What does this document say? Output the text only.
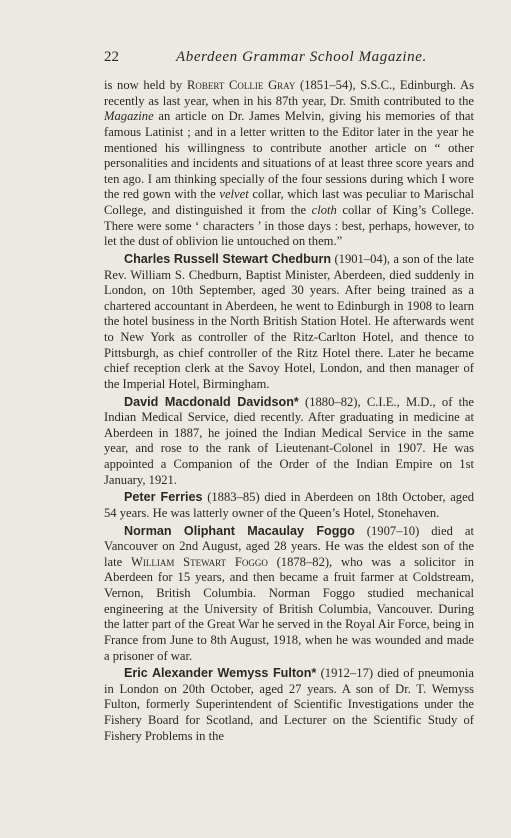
22	Aberdeen Grammar School Magazine.

is now held by Robert Collie Gray (1851–54), S.S.C., Edinburgh. As recently as last year, when in his 87th year, Dr. Smith contributed to the Magazine an article on Dr. James Melvin, giving his memories of that famous Latinist ; and in a letter written to the Editor later in the year he mentioned his willingness to contribute another article on “ other personalities and incidents and situations of at least three score years and ten ago. I am thinking specially of the four sessions during which I wore the red gown with the velvet collar, which last was peculiar to Marischal College, and distinguished it from the cloth collar of King’s College. There were some ‘ characters ’ in those days : best, perhaps, however, to let the dust of oblivion lie untouched on them.”

Charles Russell Stewart Chedburn (1901–04), a son of the late Rev. William S. Chedburn, Baptist Minister, Aberdeen, died suddenly in London, on 10th September, aged 30 years. After being trained as a chartered accountant in Aberdeen, he went to Edinburgh in 1908 to learn the hotel business in the North British Station Hotel. He afterwards went to New York as controller of the Ritz-Carlton Hotel, and thence to Pittsburgh, as chief controller of the Ritz Hotel there. Later he became chief reception clerk at the Savoy Hotel, London, and then manager of the Imperial Hotel, Birmingham.

David Macdonald Davidson* (1880–82), C.I.E., M.D., of the Indian Medical Service, died recently. After graduating in medicine at Aberdeen in 1887, he joined the Indian Medical Service in the same year, and rose to the rank of Lieutenant-Colonel in 1907. He was appointed a Companion of the Order of the Indian Empire on 1st January, 1921.

Peter Ferries (1883–85) died in Aberdeen on 18th October, aged 54 years. He was latterly owner of the Queen’s Hotel, Stonehaven.

Norman Oliphant Macaulay Foggo (1907–10) died at Vancouver on 2nd August, aged 28 years. He was the eldest son of the late William Stewart Foggo (1878–82), who was a solicitor in Aberdeen for 15 years, and then became a fruit farmer at Coldstream, Vernon, British Columbia. Norman Foggo studied mechanical engineering at the University of British Columbia, Vancouver. During the latter part of the Great War he served in the Royal Air Force, being in France from June to 8th August, 1918, when he was wounded and made a prisoner of war.

Eric Alexander Wemyss Fulton* (1912–17) died of pneumonia in London on 20th October, aged 27 years. A son of Dr. T. Wemyss Fulton, formerly Superintendent of Scientific Investigations under the Fishery Board for Scotland, and Lecturer on the Scientific Study of Fishery Problems in the
